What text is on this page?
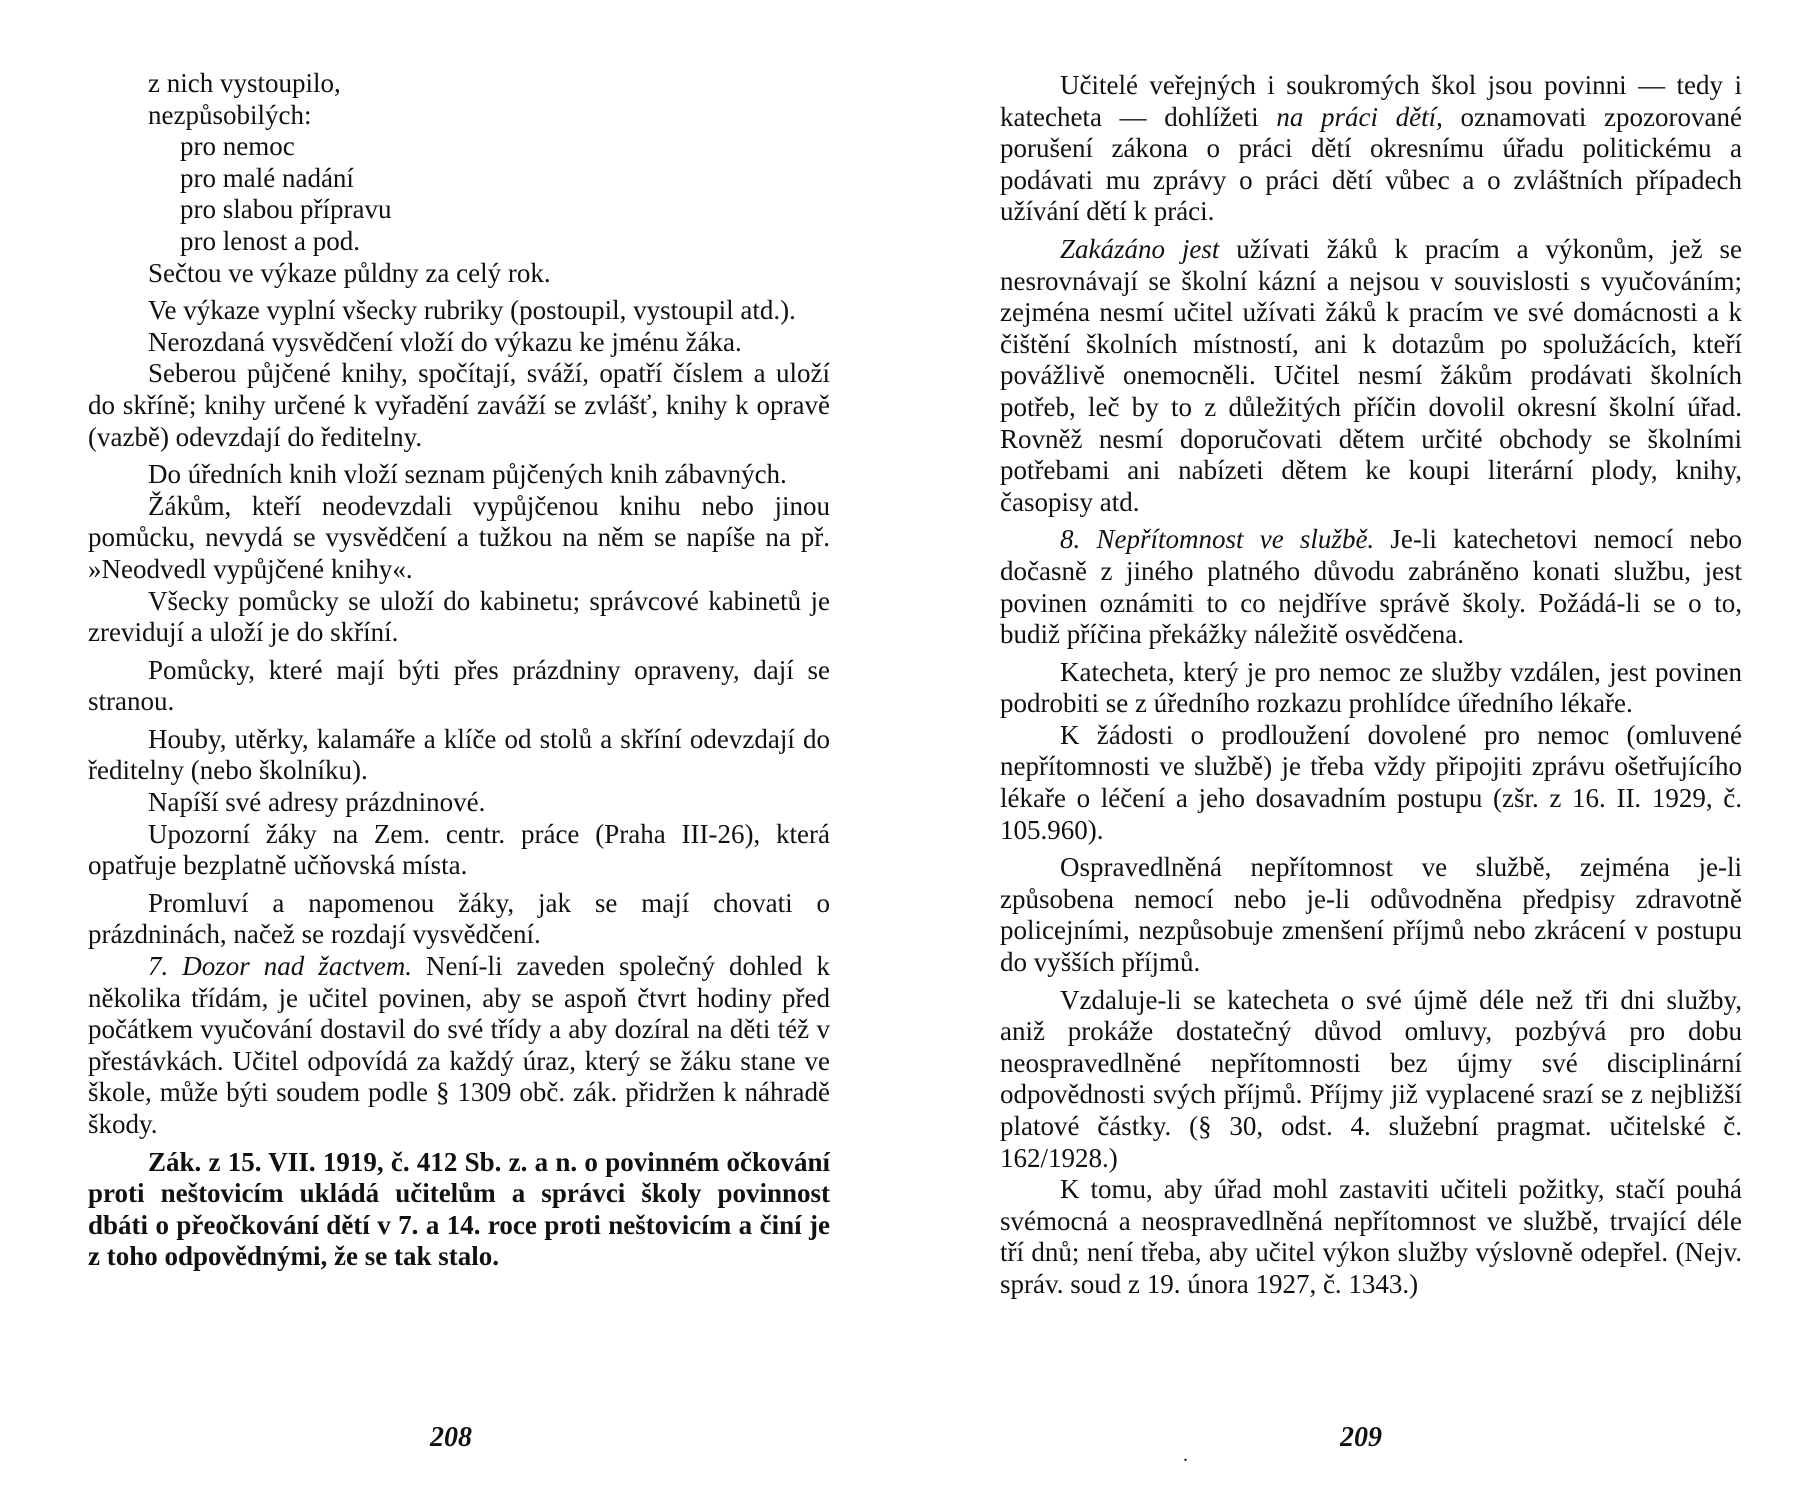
z nich vystoupilo,
nezpůsobilých:
pro nemoc
pro malé nadání
pro slabou přípravu
pro lenost a pod.
Sečtou ve výkaze půldny za celý rok.

Ve výkaze vyplní všecky rubriky (postoupil, vystoupil atd.).

Nerozdaná vysvědčení vloží do výkazu ke jménu žáka.

Seberou půjčené knihy, spočítají, sváží, opatří číslem a uloží do skříně; knihy určené k vyřadění zaváží se zvlášť, knihy k opravě (vazbě) odevzdají do ředitelny.

Do úředních knih vloží seznam půjčených knih zábavných.

Žákům, kteří neodevzdali vypůjčenou knihu nebo jinou pomůcku, nevydá se vysvědčení a tužkou na něm se napíše na př. »Neodvedl vypůjčené knihy«.

Všecky pomůcky se uloží do kabinetu; správcové kabinetů je zrevidují a uloží je do skříní.

Pomůcky, které mají býti přes prázdniny opraveny, dají se stranou.

Houby, utěrky, kalamáře a klíče od stolů a skříní odevzdají do ředitelny (nebo školníku).

Napíší své adresy prázdninové.

Upozorní žáky na Zem. centr. práce (Praha III-26), která opatřuje bezplatně učňovská místa.

Promluví a napomenou žáky, jak se mají chovati o prázdninách, načež se rozdají vysvědčení.

7. Dozor nad žactvem. Není-li zaveden společný dohled k několika třídám, je učitel povinen, aby se aspoň čtvrt hodiny před počátkem vyučování dostavil do své třídy a aby dozíral na děti též v přestávkách. Učitel odpovídá za každý úraz, který se žáku stane ve škole, může býti soudem podle § 1309 obč. zák. přidržen k náhradě škody.

Zák. z 15. VII. 1919, č. 412 Sb. z. a n. o povinném očkování proti neštovicím ukládá učitelům a správci školy povinnost dbáti o přeočkování dětí v 7. a 14. roce proti neštovicím a činí je z toho odpovědnými, že se tak stalo.

208

Učitelé veřejných i soukromých škol jsou povinni — tedy i katecheta — dohlížeti na práci dětí, oznamovati zpozorované porušení zákona o práci dětí okresnímu úřadu politickému a podávati mu zprávy o práci dětí vůbec a o zvláštních případech užívání dětí k práci.

Zakázáno jest užívati žáků k pracím a výkonům, jež se nesrovnávají se školní kázní a nejsou v souvislosti s vyučováním; zejména nesmí učitel užívati žáků k pracím ve své domácnosti a k čištění školních místností, ani k dotazům po spolužácích, kteří povážlivě onemocněli. Učitel nesmí žákům prodávati školních potřeb, leč by to z důležitých příčin dovolil okresní školní úřad. Rovněž nesmí doporučovati dětem určité obchody se školními potřebami ani nabízeti dětem ke koupi literární plody, knihy, časopisy atd.

8. Nepřítomnost ve službě. Je-li katechetovi nemocí nebo dočasně z jiného platného důvodu zabráněno konati službu, jest povinen oznámiti to co nejdříve správě školy. Požádá-li se o to, budiž příčina překážky náležitě osvědčena.

Katecheta, který je pro nemoc ze služby vzdálen, jest povinen podrobiti se z úředního rozkazu prohlídce úředního lékaře.

K žádosti o prodloužení dovolené pro nemoc (omluvené nepřítomnosti ve službě) je třeba vždy připojiti zprávu ošetřujícího lékaře o léčení a jeho dosavadním postupu (zšr. z 16. II. 1929, č. 105.960).

Ospravedlněná nepřítomnost ve službě, zejména je-li způsobena nemocí nebo je-li odůvodněna předpisy zdravotně policejními, nezpůsobuje zmenšení příjmů nebo zkrácení v postupu do vyšších příjmů.

Vzdaluje-li se katecheta o své újmě déle než tři dni služby, aniž prokáže dostatečný důvod omluvy, pozbývá pro dobu neospravedlněné nepřítomnosti bez újmy své disciplinární odpovědnosti svých příjmů. Příjmy již vyplacené srazí se z nejbližší platové částky. (§ 30, odst. 4. služební pragmat. učitelské č. 162/1928.)

K tomu, aby úřad mohl zastaviti učiteli požitky, stačí pouhá svémocná a neospravedlněná nepřítomnost ve službě, trvající déle tří dnů; není třeba, aby učitel výkon služby výslovně odepřel. (Nejv. správ. soud z 19. února 1927, č. 1343.)

.
209
